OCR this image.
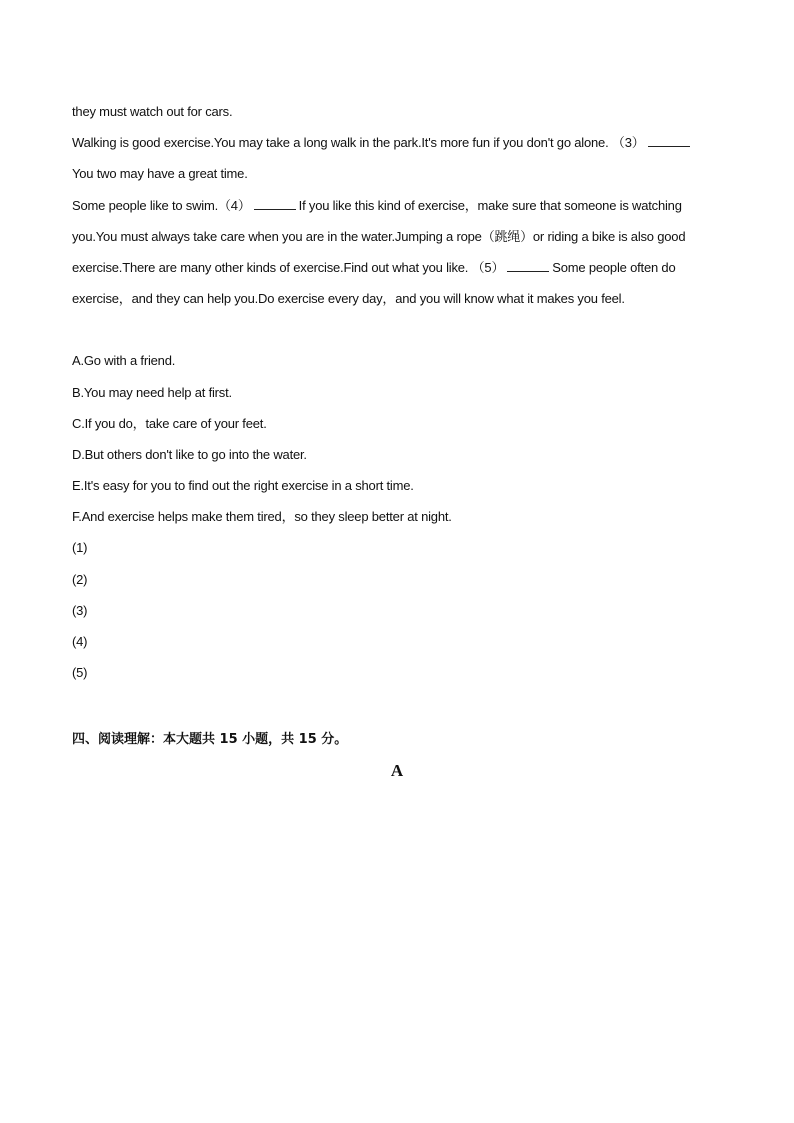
they must watch out for cars.
Walking is good exercise.You may take a long walk in the park.It's more fun if you don't go alone. （3）
You two may have a great time.
Some people like to swim.（4）	If you like this kind of exercise，make sure that someone is watching
you.You must always take care when you are in the water.Jumping a rope（跳绳）or riding a bike is also good
exercise.There are many other kinds of exercise.Find out what you like. （5）	Some people often do
exercise，and they can help you.Do exercise every day，and you will know what it makes you feel.
A.Go with a friend.
B.You may need help at first.
C.If you do，take care of your feet.
D.But others don't like to go into the water.
E.It's easy for you to find out the right exercise in a short time.
F.And exercise helps make them tired，so they sleep better at night.
(1)
(2)
(3)
(4)
(5)
四、阅读理解：本大题共 15 小题，共 15 分。
A
